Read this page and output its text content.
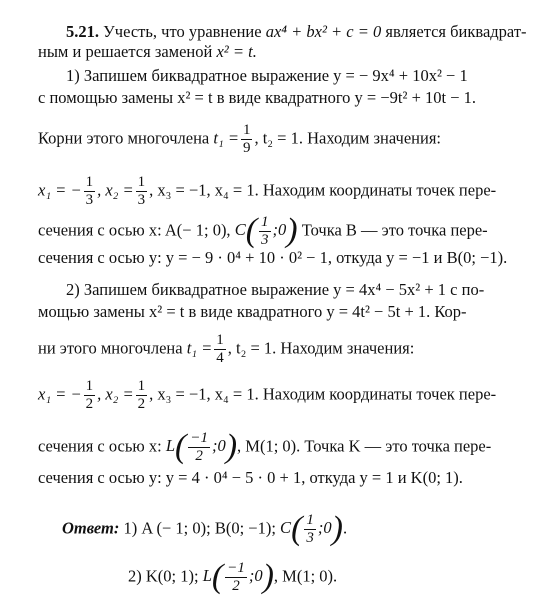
5.21. Учесть, что уравнение ax⁴ + bx² + c = 0 является биквадрат-
ным и решается заменой x² = t.
1) Запишем биквадратное выражение y = − 9x⁴ + 10x² − 1
с помощью замены x² = t в виде квадратного y = −9t² + 10t − 1.
Корни этого многочлена $t_1 = \frac{1}{9}$ , t₂ = 1. Находим значения:
x₁ = − $\frac{1}{3}$ , $x_2 = \frac{1}{3}$ , x₃ = −1, x₄ = 1. Находим координаты точек пере-
сечения с осью x: A(− 1; 0), $C( \frac{1}{3}$ ;0) Точка B — это точка пере-
сечения с осью y: y = − 9 · 0⁴ + 10 · 0² − 1, откуда y = −1 и B(0; −1).
2) Запишем биквадратное выражение y = 4x⁴ − 5x² + 1 с по-
мощью замены x² = t в виде квадратного y = 4t² − 5t + 1. Кор-
ни этого многочлена $t_1 = \frac{1}{4}$ , t₂ = 1. Находим значения:
x₁ = − $\frac{1}{2}$ , $x_2 = \frac{1}{2}$ , x₃ = −1, x₄ = 1. Находим координаты точек пере-
сечения с осью x: $L( \frac{-1}{2}$ ;0), M(1; 0). Точка K — это точка пере-
сечения с осью y: y = 4 · 0⁴ − 5 · 0 + 1, откуда y = 1 и K(0; 1).
Ответ: 1) A (− 1; 0); B(0; −1); $C( \frac{1}{3}$ ;0).
2) K(0; 1); $L( \frac{-1}{2}$ ;0), M(1; 0).
